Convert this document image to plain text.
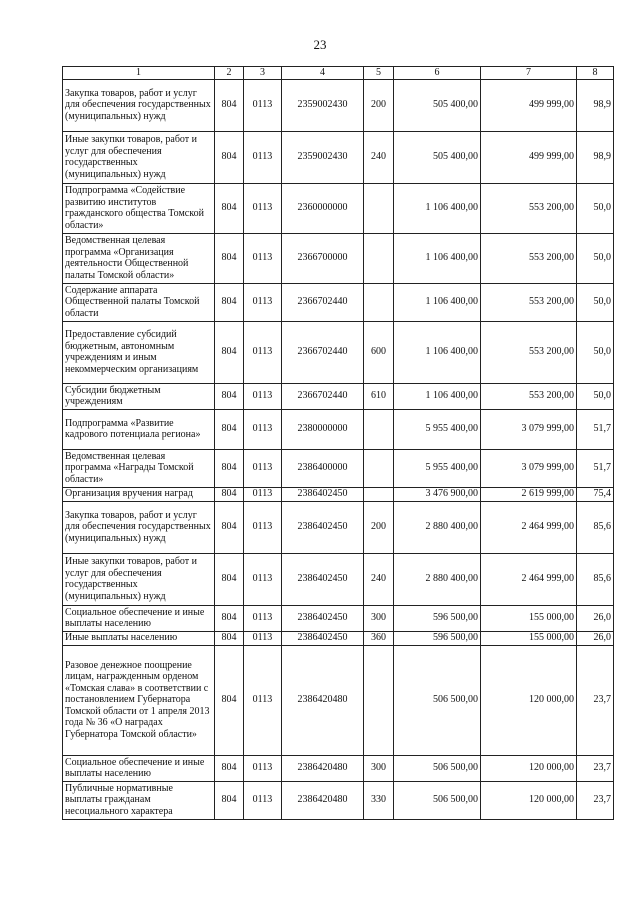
23
1	2	3	4	5	6	7	8
Закупка товаров, работ и услуг для обеспечения государственных (муниципальных) нужд	804	0113	2359002430	200	505 400,00	499 999,00	98,9
Иные закупки товаров, работ и услуг для обеспечения государственных (муниципальных) нужд	804	0113	2359002430	240	505 400,00	499 999,00	98,9
Подпрограмма «Содействие развитию институтов гражданского общества Томской области»	804	0113	2360000000		1 106 400,00	553 200,00	50,0
Ведомственная целевая программа «Организация деятельности Общественной палаты Томской области»	804	0113	2366700000		1 106 400,00	553 200,00	50,0
Содержание аппарата Общественной палаты Томской области	804	0113	2366702440		1 106 400,00	553 200,00	50,0
Предоставление субсидий бюджетным, автономным учреждениям и иным некоммерческим организациям	804	0113	2366702440	600	1 106 400,00	553 200,00	50,0
Субсидии бюджетным учреждениям	804	0113	2366702440	610	1 106 400,00	553 200,00	50,0
Подпрограмма «Развитие кадрового потенциала региона»	804	0113	2380000000		5 955 400,00	3 079 999,00	51,7
Ведомственная целевая программа «Награды Томской области»	804	0113	2386400000		5 955 400,00	3 079 999,00	51,7
Организация вручения наград	804	0113	2386402450		3 476 900,00	2 619 999,00	75,4
Закупка товаров, работ и услуг для обеспечения государственных (муниципальных) нужд	804	0113	2386402450	200	2 880 400,00	2 464 999,00	85,6
Иные закупки товаров, работ и услуг для обеспечения государственных (муниципальных) нужд	804	0113	2386402450	240	2 880 400,00	2 464 999,00	85,6
Социальное обеспечение и иные выплаты населению	804	0113	2386402450	300	596 500,00	155 000,00	26,0
Иные выплаты населению	804	0113	2386402450	360	596 500,00	155 000,00	26,0
Разовое денежное поощрение лицам, награжденным орденом «Томская слава» в соответствии с постановлением Губернатора Томской области от 1 апреля 2013 года № 36 «О наградах Губернатора Томской области»	804	0113	2386420480		506 500,00	120 000,00	23,7
Социальное обеспечение и иные выплаты населению	804	0113	2386420480	300	506 500,00	120 000,00	23,7
Публичные нормативные выплаты гражданам несоциального характера	804	0113	2386420480	330	506 500,00	120 000,00	23,7
